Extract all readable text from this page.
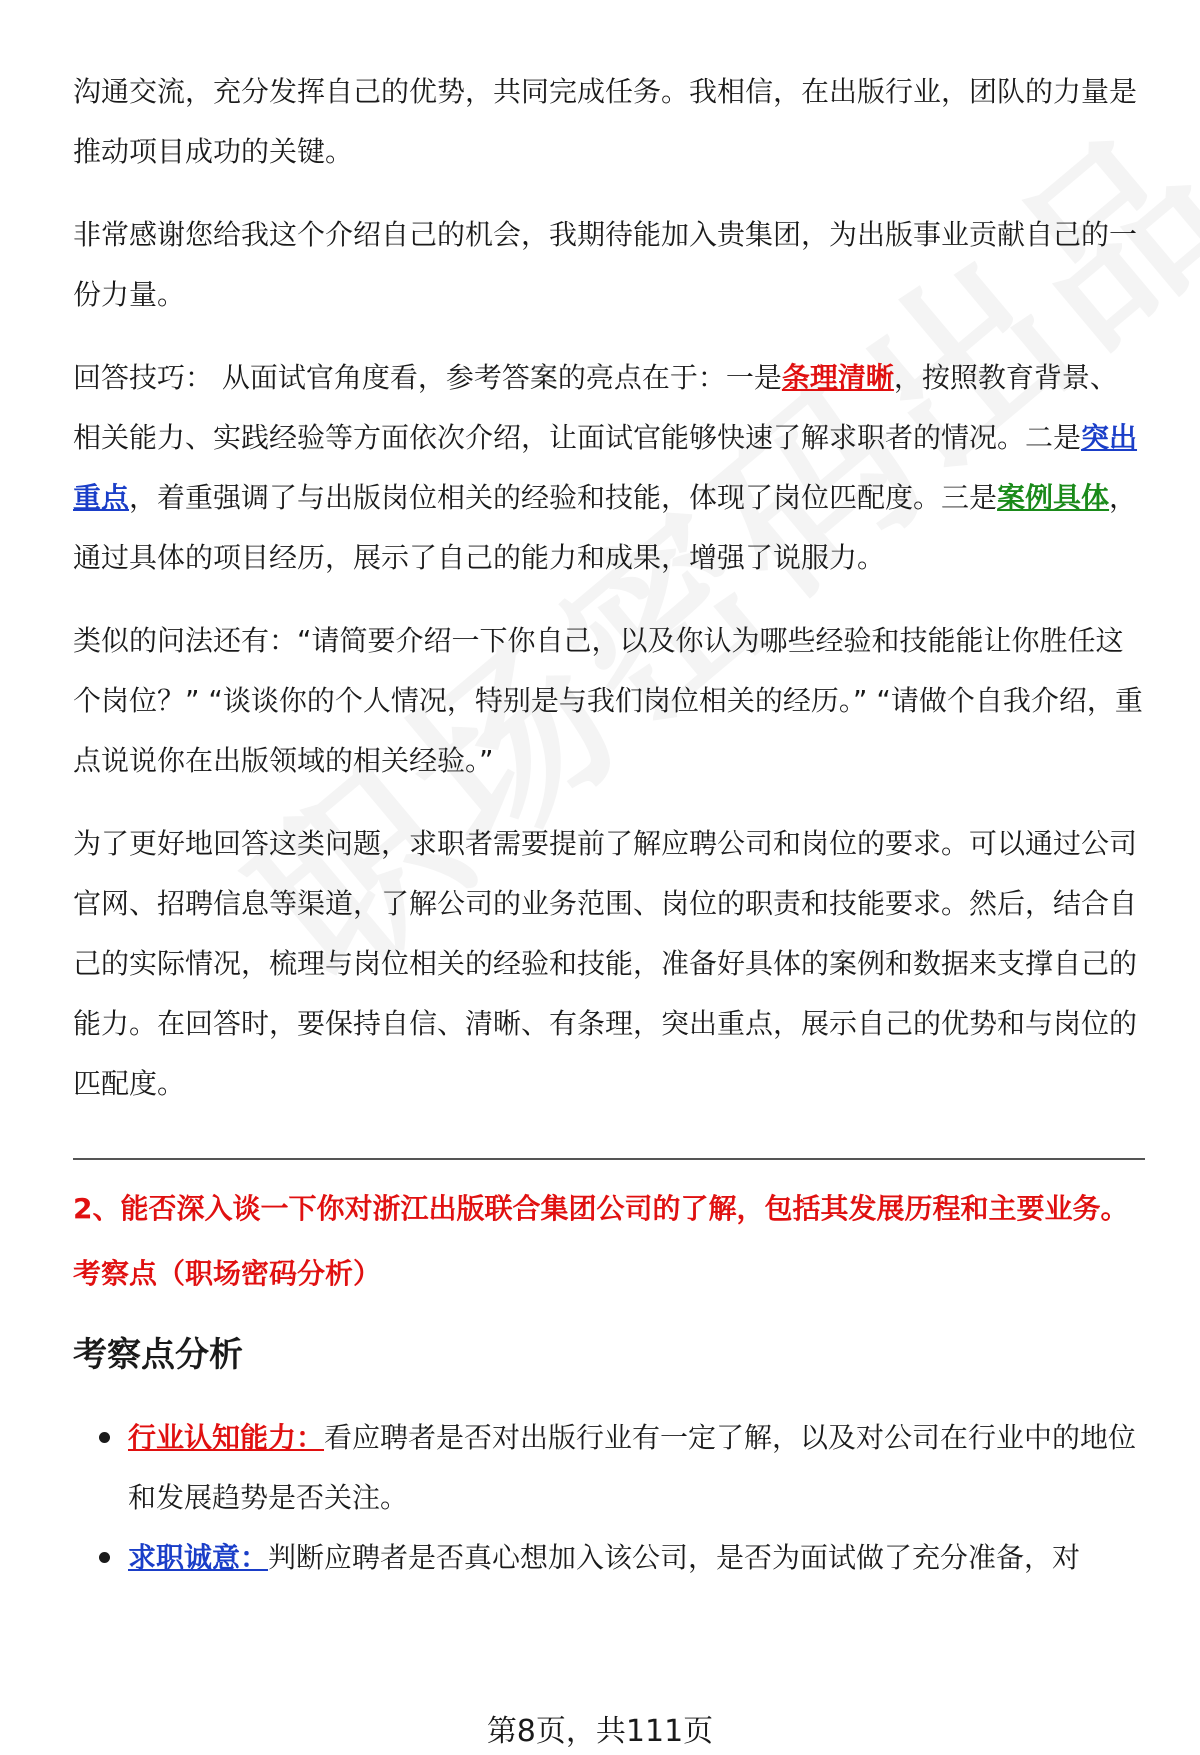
沟通交流，充分发挥自己的优势，共同完成任务。我相信，在出版行业，团队的力量是推动项目成功的关键。

非常感谢您给我这个介绍自己的机会，我期待能加入贵集团，为出版事业贡献自己的一份力量。

回答技巧： 从面试官角度看，参考答案的亮点在于：一是条理清晰，按照教育背景、相关能力、实践经验等方面依次介绍，让面试官能够快速了解求职者的情况。二是突出重点，着重强调了与出版岗位相关的经验和技能，体现了岗位匹配度。三是案例具体，通过具体的项目经历，展示了自己的能力和成果，增强了说服力。

类似的问法还有：“请简要介绍一下你自己，以及你认为哪些经验和技能能让你胜任这个岗位？” “谈谈你的个人情况，特别是与我们岗位相关的经历。” “请做个自我介绍，重点说说你在出版领域的相关经验。”

为了更好地回答这类问题，求职者需要提前了解应聘公司和岗位的要求。可以通过公司官网、招聘信息等渠道，了解公司的业务范围、岗位的职责和技能要求。然后，结合自己的实际情况，梳理与岗位相关的经验和技能，准备好具体的案例和数据来支撑自己的能力。在回答时，要保持自信、清晰、有条理，突出重点，展示自己的优势和与岗位的匹配度。

2、能否深入谈一下你对浙江出版联合集团公司的了解，包括其发展历程和主要业务。
考察点（职场密码分析）
考察点分析
行业认知能力：看应聘者是否对出版行业有一定了解，以及对公司在行业中的地位和发展趋势是否关注。
求职诚意：判断应聘者是否真心想加入该公司，是否为面试做了充分准备，对
第8页，共111页
